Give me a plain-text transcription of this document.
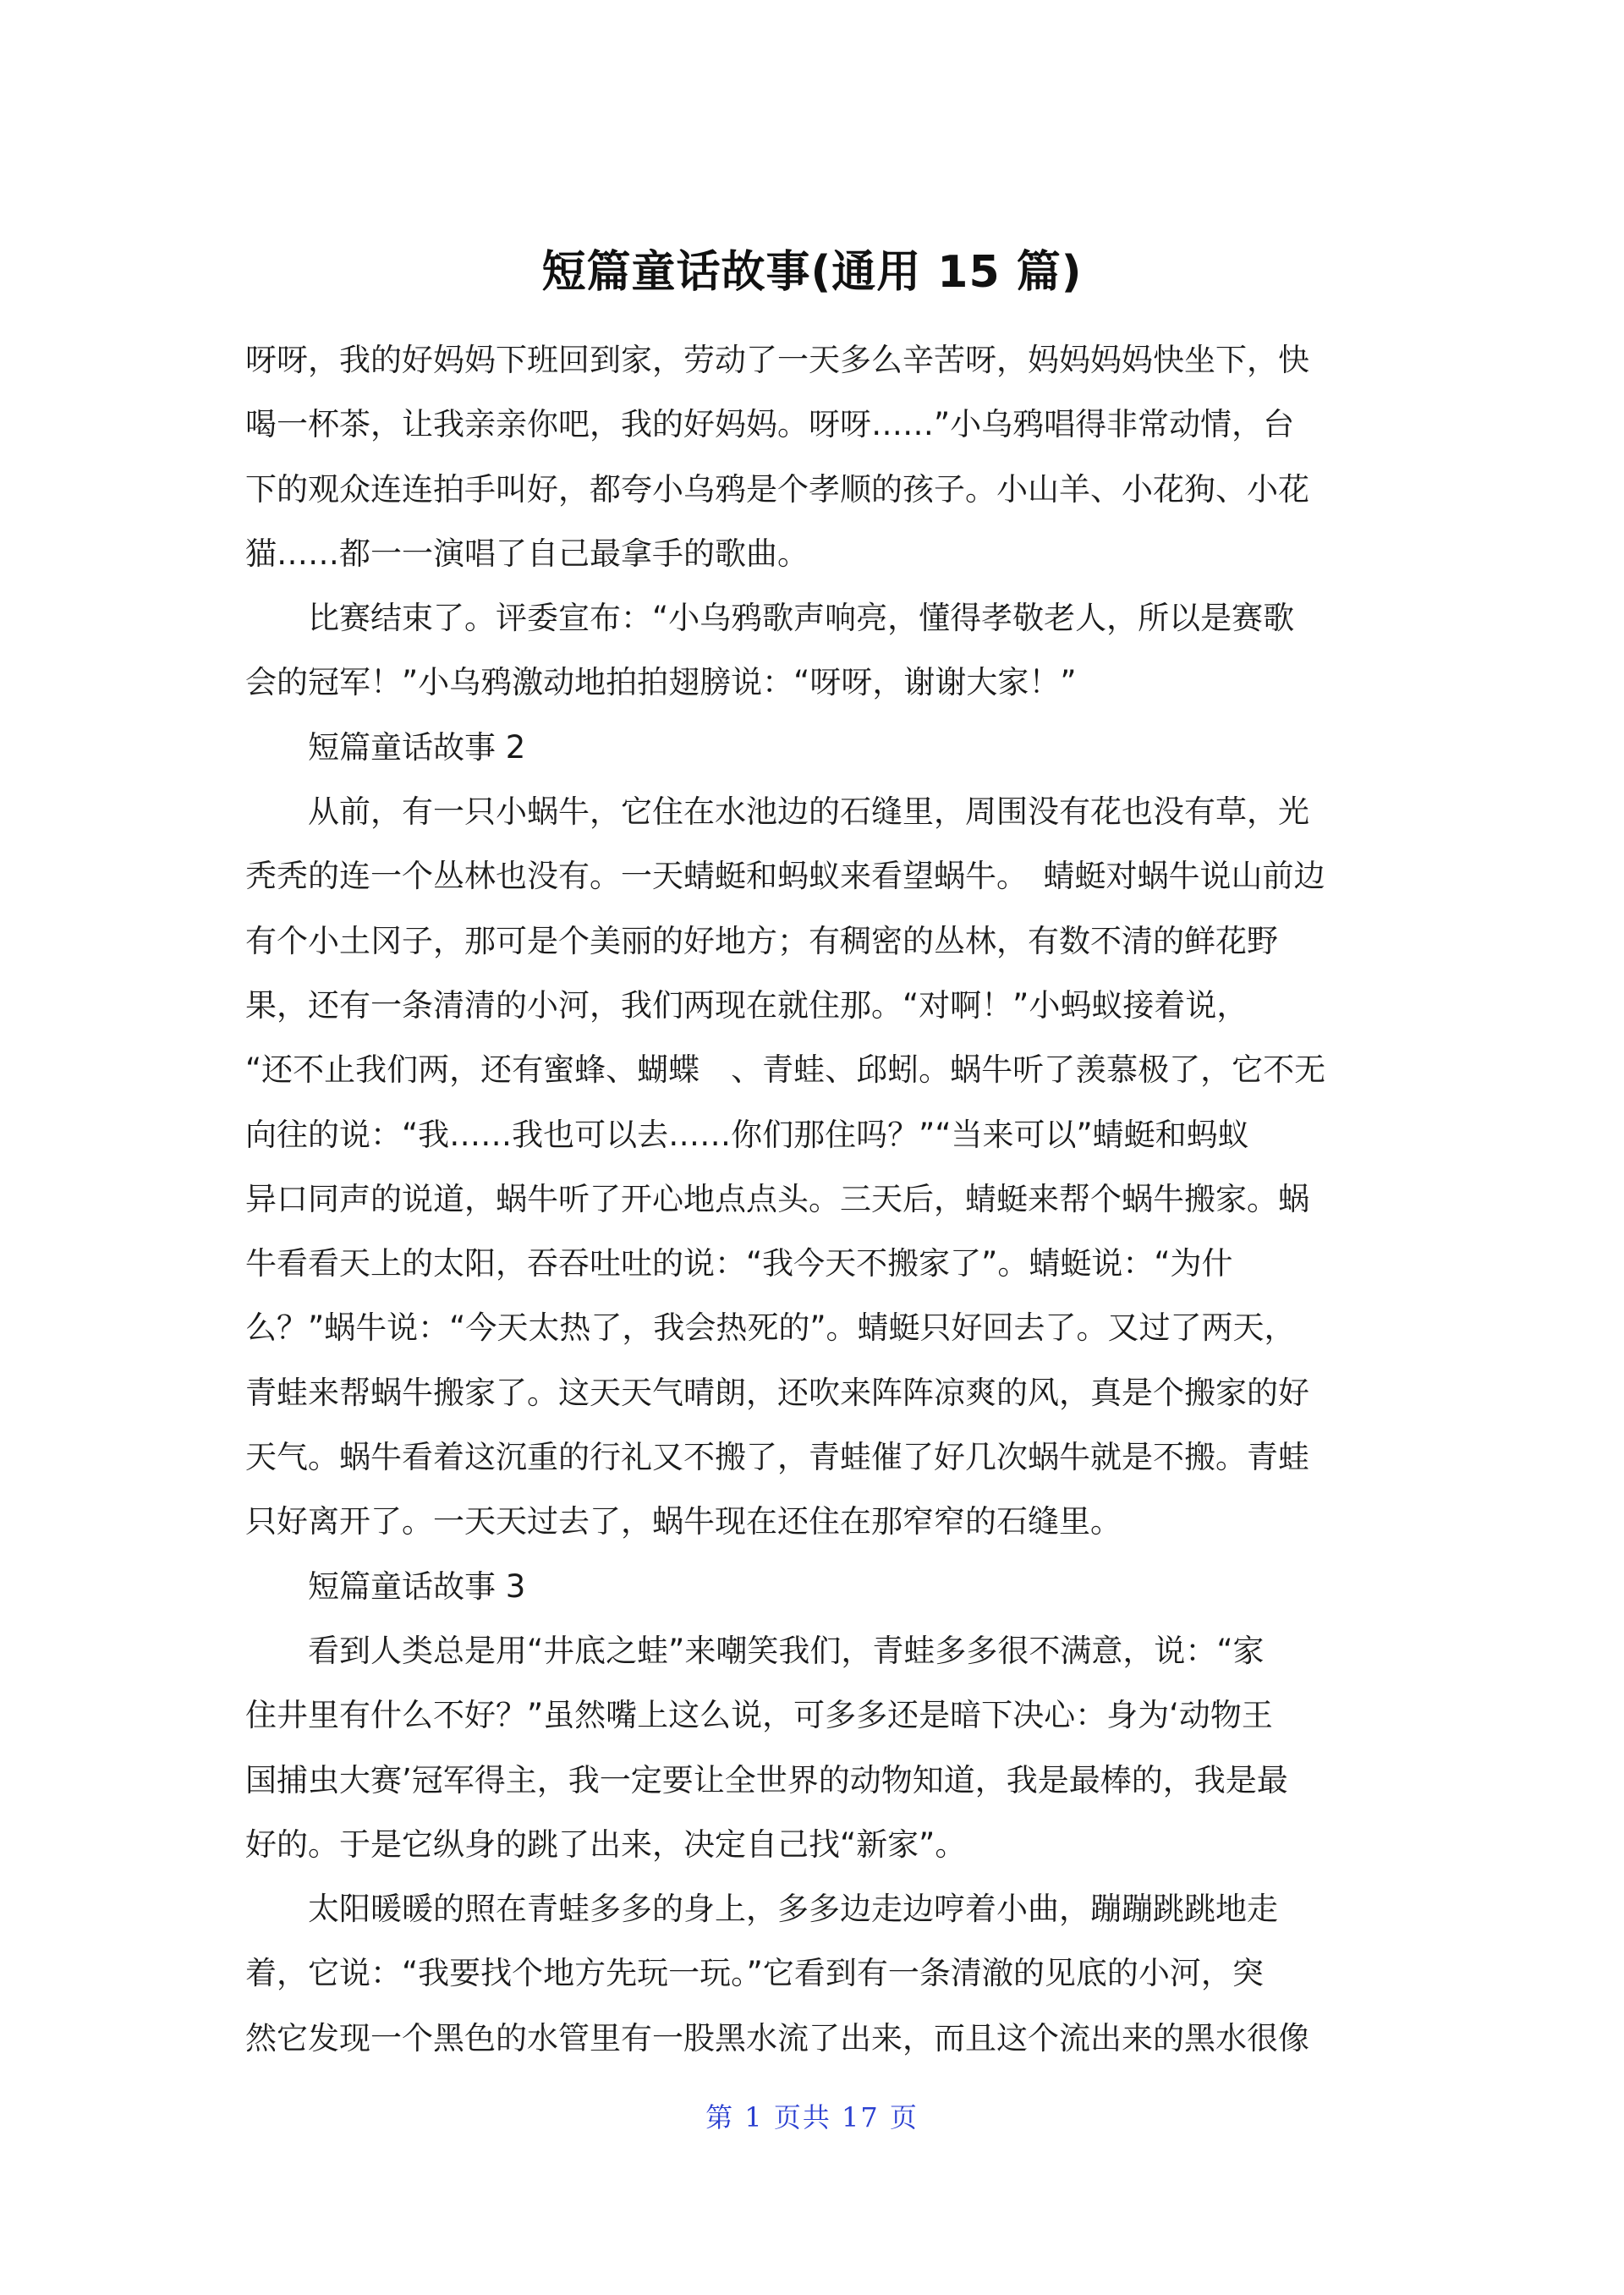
短篇童话故事(通用 15 篇)
呀呀，我的好妈妈下班回到家，劳动了一天多么辛苦呀，妈妈妈妈快坐下，快
喝一杯茶，让我亲亲你吧，我的好妈妈。呀呀……”小乌鸦唱得非常动情，台
下的观众连连拍手叫好，都夸小乌鸦是个孝顺的孩子。小山羊、小花狗、小花
猫……都一一演唱了自己最拿手的歌曲。
　　比赛结束了。评委宣布：“小乌鸦歌声响亮，懂得孝敬老人，所以是赛歌
会的冠军！”小乌鸦激动地拍拍翅膀说：“呀呀，谢谢大家！”
　　短篇童话故事 2
　　从前，有一只小蜗牛，它住在水池边的石缝里，周围没有花也没有草，光
秃秃的连一个丛林也没有。一天蜻蜓和蚂蚁来看望蜗牛。　蜻蜓对蜗牛说山前边
有个小土冈子，那可是个美丽的好地方；有稠密的丛林，有数不清的鲜花野
果，还有一条清清的小河，我们两现在就住那。“对啊！”小蚂蚁接着说，
“还不止我们两，还有蜜蜂、蝴蝶　、青蛙、邱蚓。蜗牛听了羡慕极了，它不无
向往的说：“我……我也可以去……你们那住吗？”“当来可以”蜻蜓和蚂蚁
异口同声的说道，蜗牛听了开心地点点头。三天后，蜻蜓来帮个蜗牛搬家。蜗
牛看看天上的太阳，吞吞吐吐的说：“我今天不搬家了”。蜻蜓说：“为什
么？”蜗牛说：“今天太热了，我会热死的”。蜻蜓只好回去了。又过了两天，
青蛙来帮蜗牛搬家了。这天天气晴朗，还吹来阵阵凉爽的风，真是个搬家的好
天气。蜗牛看着这沉重的行礼又不搬了，青蛙催了好几次蜗牛就是不搬。青蛙
只好离开了。一天天过去了，蜗牛现在还住在那窄窄的石缝里。
　　短篇童话故事 3
　　看到人类总是用“井底之蛙”来嘲笑我们，青蛙多多很不满意，说：“家
住井里有什么不好？”虽然嘴上这么说，可多多还是暗下决心：身为‘动物王
国捕虫大赛’冠军得主，我一定要让全世界的动物知道，我是最棒的，我是最
好的。于是它纵身的跳了出来，决定自己找“新家”。
　　太阳暖暖的照在青蛙多多的身上，多多边走边哼着小曲，蹦蹦跳跳地走
着，它说：“我要找个地方先玩一玩。”它看到有一条清澈的见底的小河，突
然它发现一个黑色的水管里有一股黑水流了出来，而且这个流出来的黑水很像
第 1 页共 17 页
